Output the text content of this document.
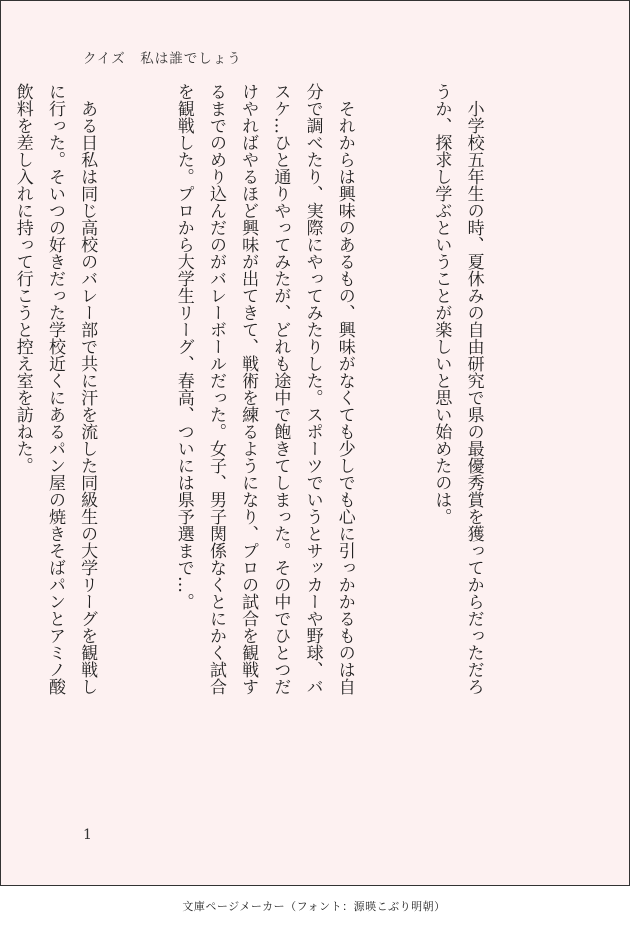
クイズ　私は誰でしょう

　小学校五年生の時、夏休みの自由研究で県の最優秀賞を獲ってからだっただろ
うか、探求し学ぶということが楽しいと思い始めたのは。

　それからは興味のあるもの、興味がなくても少しでも心に引っかかるものは自
分で調べたり、実際にやってみたりした。スポーツでいうとサッカーや野球、バ
スケ…ひと通りやってみたが、どれも途中で飽きてしまった。その中でひとつだ
けやればやるほど興味が出てきて、戦術を練るようになり、プロの試合を観戦す
るまでのめり込んだのがバレーボールだった。女子、男子関係なくとにかく試合
を観戦した。プロから大学生リーグ、春高、ついには県予選まで…。

　ある日私は同じ高校のバレー部で共に汗を流した同級生の大学リーグを観戦し
に行った。そいつの好きだった学校近くにあるパン屋の焼きそばパンとアミノ酸
飲料を差し入れに持って行こうと控え室を訪ねた。

1
文庫ページメーカー（フォント：源暎こぶり明朝）
